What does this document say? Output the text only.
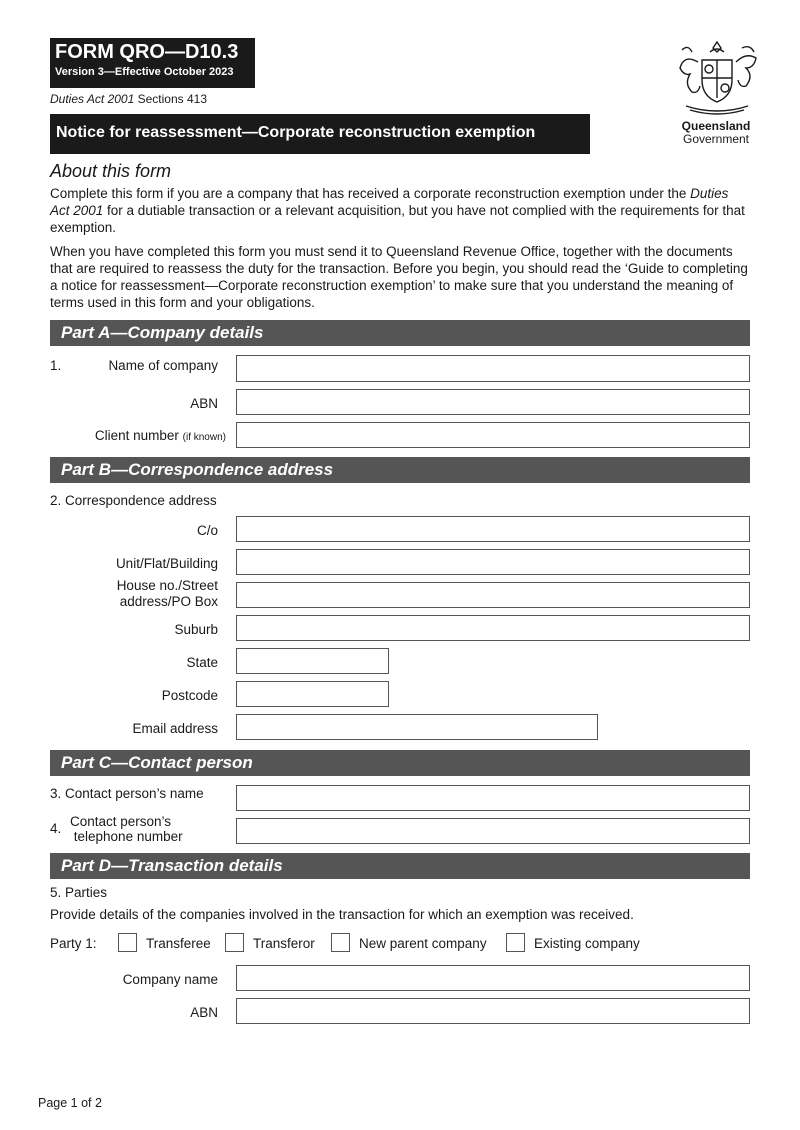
FORM QRO—D10.3
Version 3—Effective October 2023
Duties Act 2001 Sections 413
Notice for reassessment—Corporate reconstruction exemption	Queensland
Government
About this form
Complete this form if you are a company that has received a corporate reconstruction exemption under the Duties Act 2001 for a dutiable transaction or a relevant acquisition, but you have not complied with the requirements for that exemption.
When you have completed this form you must send it to Queensland Revenue Office, together with the documents that are required to reassess the duty for the transaction. Before you begin, you should read the ‘Guide to completing a notice for reassessment—Corporate reconstruction exemption’ to make sure that you understand the meaning of terms used in this form and your obligations.
Part A—Company details
1.	Name of company
ABN
Client number (if known)
Part B—Correspondence address
2. Correspondence address
C/o
Unit/Flat/Building
House no./Street
address/PO Box
Suburb
State
Postcode
Email address
Part C—Contact person
3. Contact person’s name
4. Contact person’s
telephone number
Part D—Transaction details
5. Parties
Provide details of the companies involved in the transaction for which an exemption was received.
Party 1:	Transferee	Transferor	New parent company	Existing company
Company name
ABN
Page 1 of 2
